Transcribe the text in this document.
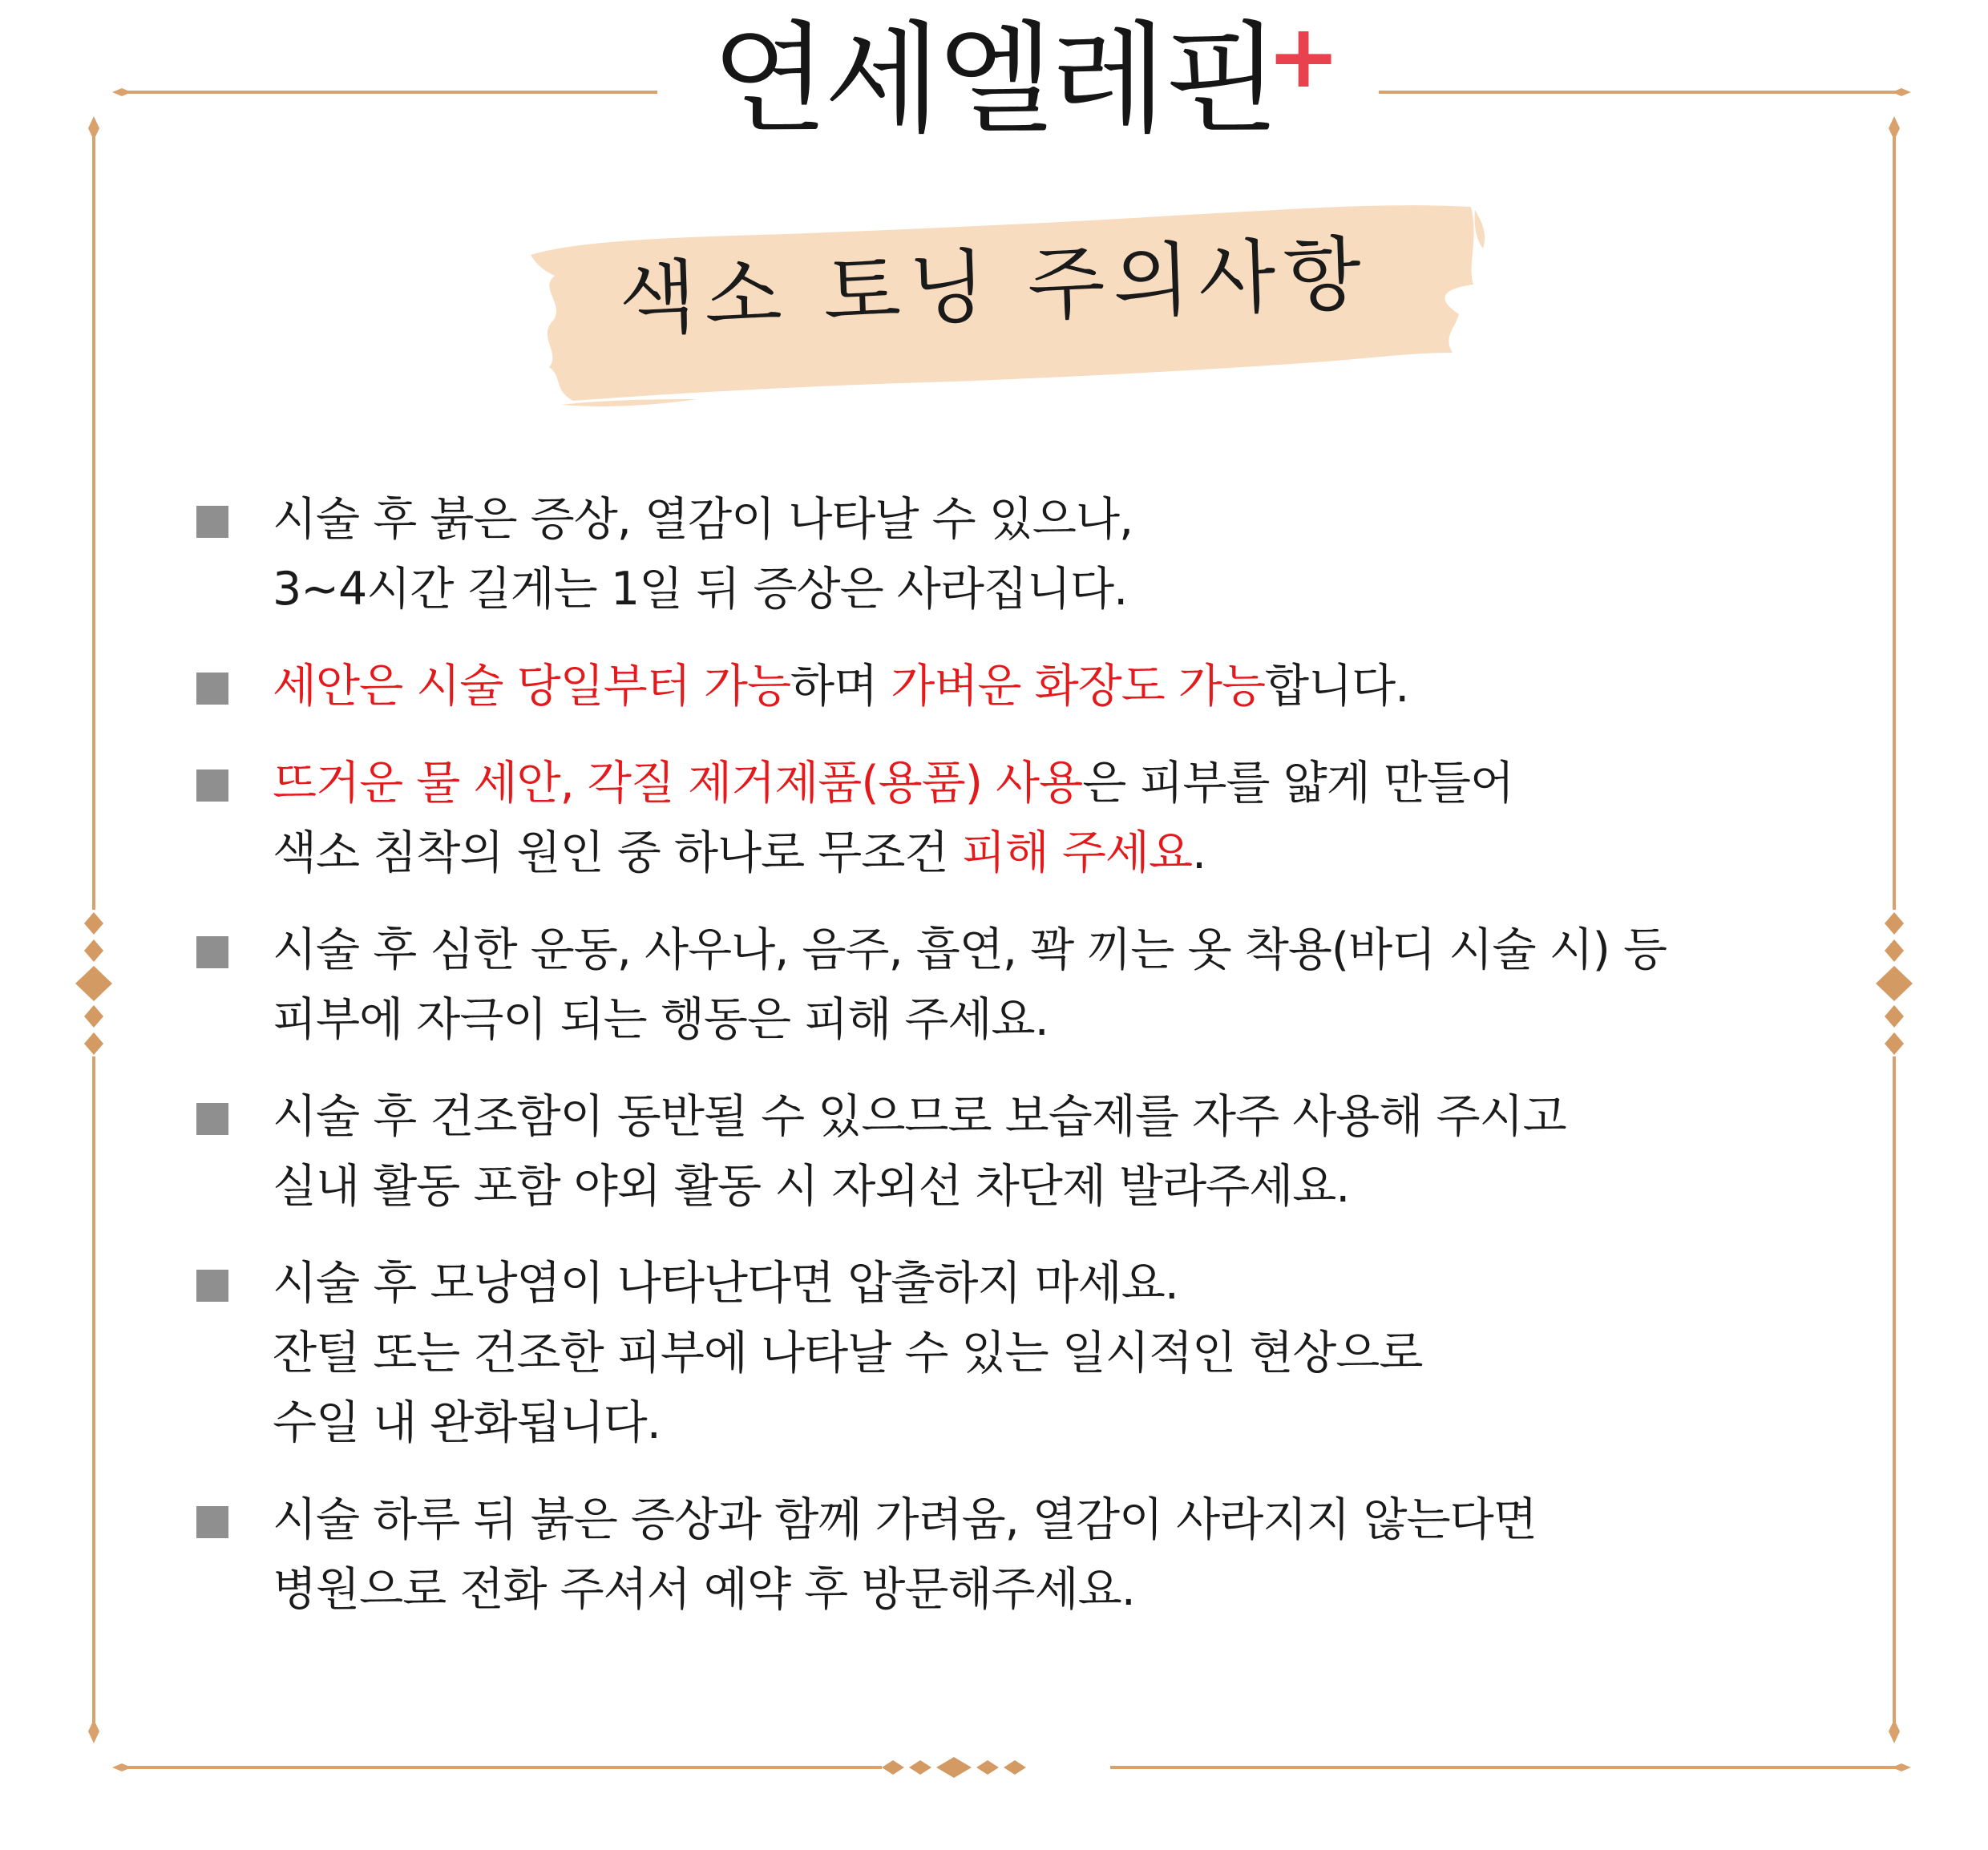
연세엘레핀
+
색소 토닝 주의사항
시술 후 붉은 증상, 열감이 나타날 수 있으나,
3~4시간 길게는 1일 뒤 증상은 사라집니다.
세안은 시술 당일부터 가능하며 가벼운 화장도 가능합니다.
뜨거운 물 세안, 각질 제거제품(용품) 사용은 피부를 얇게 만들어
색소 침착의 원인 중 하나로 무조건 피해 주세요.
시술 후 심한 운동, 사우나, 음주, 흡연, 꽉 끼는 옷 착용(바디 시술 시) 등
피부에 자극이 되는 행동은 피해 주세요.
시술 후 건조함이 동반될 수 있으므로 보습제를 자주 사용해 주시고
실내 활동 포함 야외 활동 시 자외선 차단제 발라주세요.
시술 후 모낭염이 나타난다면 압출하지 마세요.
잔털 또는 건조한 피부에 나타날 수 있는 일시적인 현상으로
수일 내 완화됩니다.
시술 하루 뒤 붉은 증상과 함께 가려움, 열감이 사라지지 않는다면
병원으로 전화 주셔서 예약 후 방문해주세요.
